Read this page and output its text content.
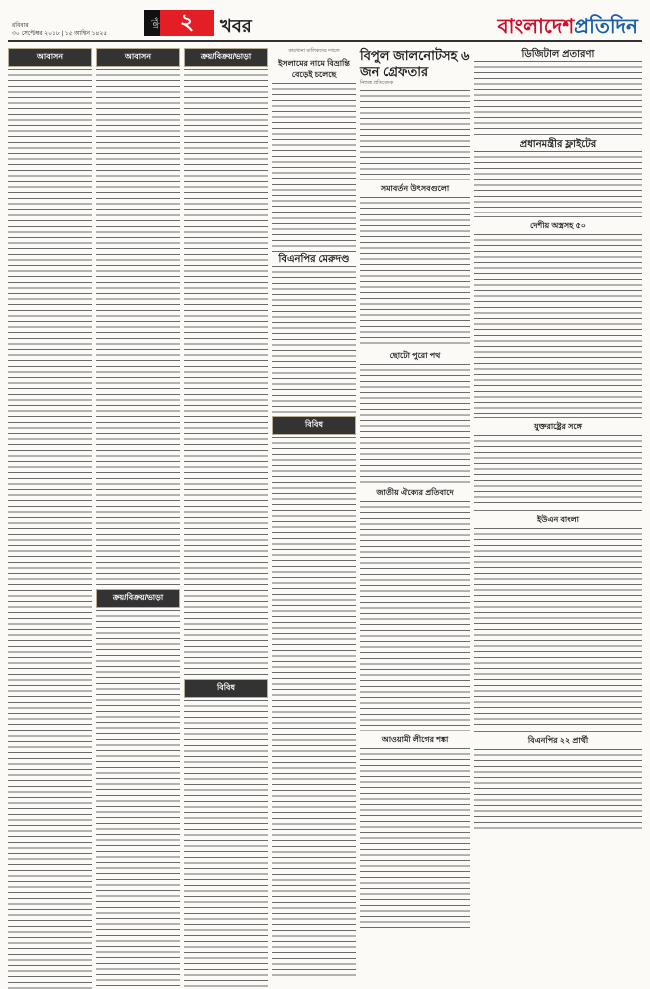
রবিবার
৩০ সেপ্টেম্বর ২০১৮ | ১৫ আশ্বিন ১৪২৫
পৃষ্ঠা ২	খবর	বাংলাদেশপ্রতিদিন
আবাসন	আবাসন
ক্রয়/বিক্রয়/ভাড়া
ক্রয়/বিক্রয়/ভাড়া
বিবিধ
কারখানা মালিকদের দখলে
ইসলামের নামে বিভ্রান্তি বেড়েই চলেছে
বিএনপির মেরুদণ্ড
বিবিধ
বিপুল জালনোটসহ ৬ জন গ্রেফতার
নিজস্ব প্রতিবেদক
সমাবর্তন উৎসবগুলো
ছোটো পুরো পথ
জাতীয় ঐক্যের প্রতিবাদে
আওয়ামী লীগের শঙ্কা
ডিজিটাল প্রতারণা
প্রধানমন্ত্রীর ফ্লাইটের
দেশীয় অস্ত্রসহ ৫০
যুক্তরাষ্ট্রের সঙ্গে
ইউএন বাংলা
বিএনপির ২২ প্রার্থী
